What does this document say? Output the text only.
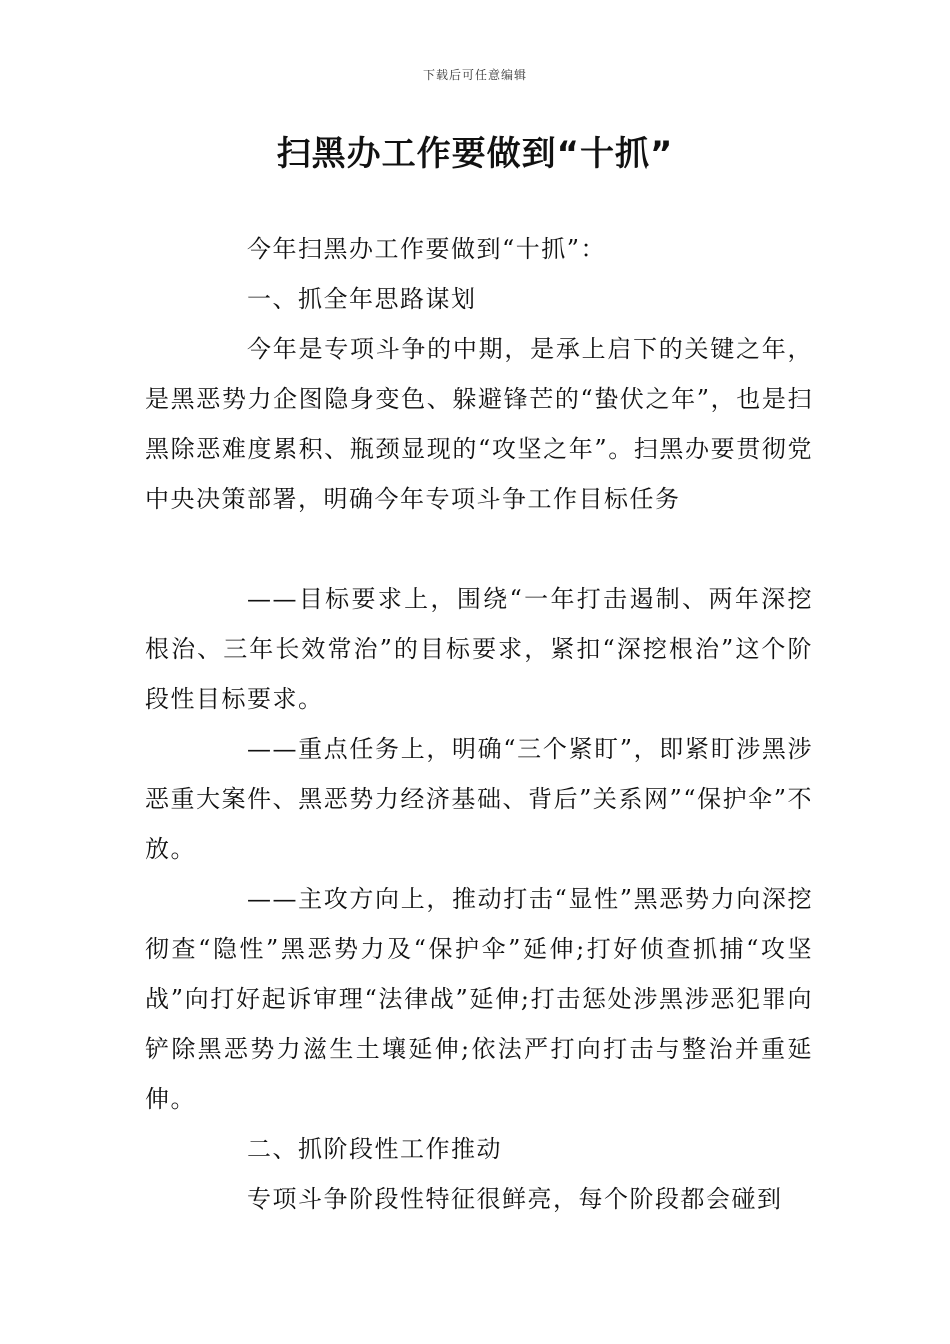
下载后可任意编辑
扫黑办工作要做到“十抓”

今年扫黑办工作要做到“十抓”：

一、抓全年思路谋划

今年是专项斗争的中期，是承上启下的关键之年，是黑恶势力企图隐身变色、躲避锋芒的“蛰伏之年”，也是扫黑除恶难度累积、瓶颈显现的“攻坚之年”。扫黑办要贯彻党中央决策部署，明确今年专项斗争工作目标任务

——目标要求上，围绕“一年打击遏制、两年深挖根治、三年长效常治”的目标要求，紧扣“深挖根治”这个阶段性目标要求。

——重点任务上，明确“三个紧盯”，即紧盯涉黑涉恶重大案件、黑恶势力经济基础、背后”关系网”“保护伞”不放。

——主攻方向上，推动打击“显性”黑恶势力向深挖彻查“隐性”黑恶势力及“保护伞”延伸;打好侦查抓捕“攻坚战”向打好起诉审理“法律战”延伸;打击惩处涉黑涉恶犯罪向铲除黑恶势力滋生土壤延伸;依法严打向打击与整治并重延伸。

二、抓阶段性工作推动

专项斗争阶段性特征很鲜亮，每个阶段都会碰到
